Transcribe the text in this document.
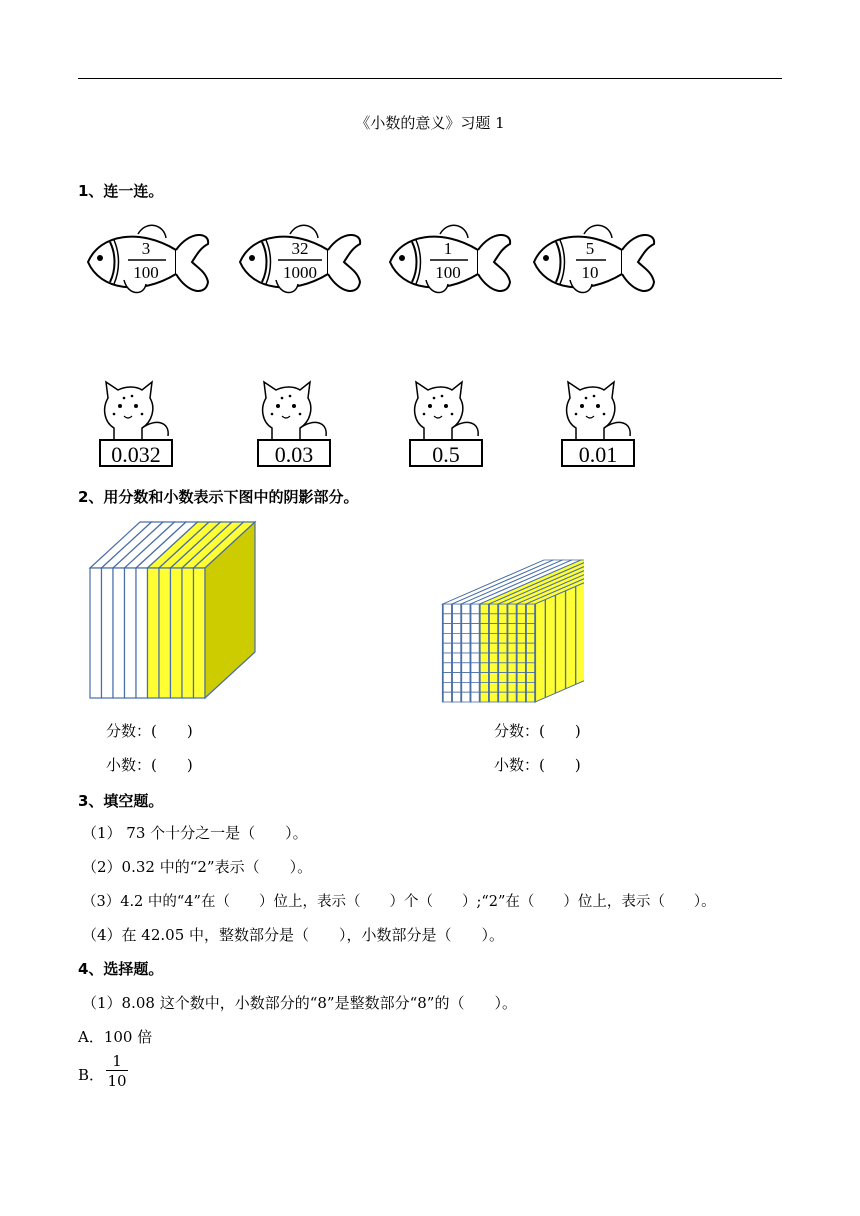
《小数的意义》习题 1
1、连一连。
3
100
32
1000
1
100
5
10
0.032	0.03	0.5	0.01
2、用分数和小数表示下图中的阴影部分。
分数：(　　)
小数：(　　)
分数：(　　)
小数：(　　)
3、填空题。
（1） 73 个十分之一是（　　）。
（2）0.32 中的“2”表示（　　）。
（3）4.2 中的“4”在（　　）位上，表示（　　）个（　　）;“2”在（　　）位上，表示（　　）。
（4）在 42.05 中，整数部分是（　　），小数部分是（　　）。
4、选择题。
（1）8.08 这个数中，小数部分的“8”是整数部分“8”的（　　）。
A．100 倍
B． $\frac{1}{10}$
